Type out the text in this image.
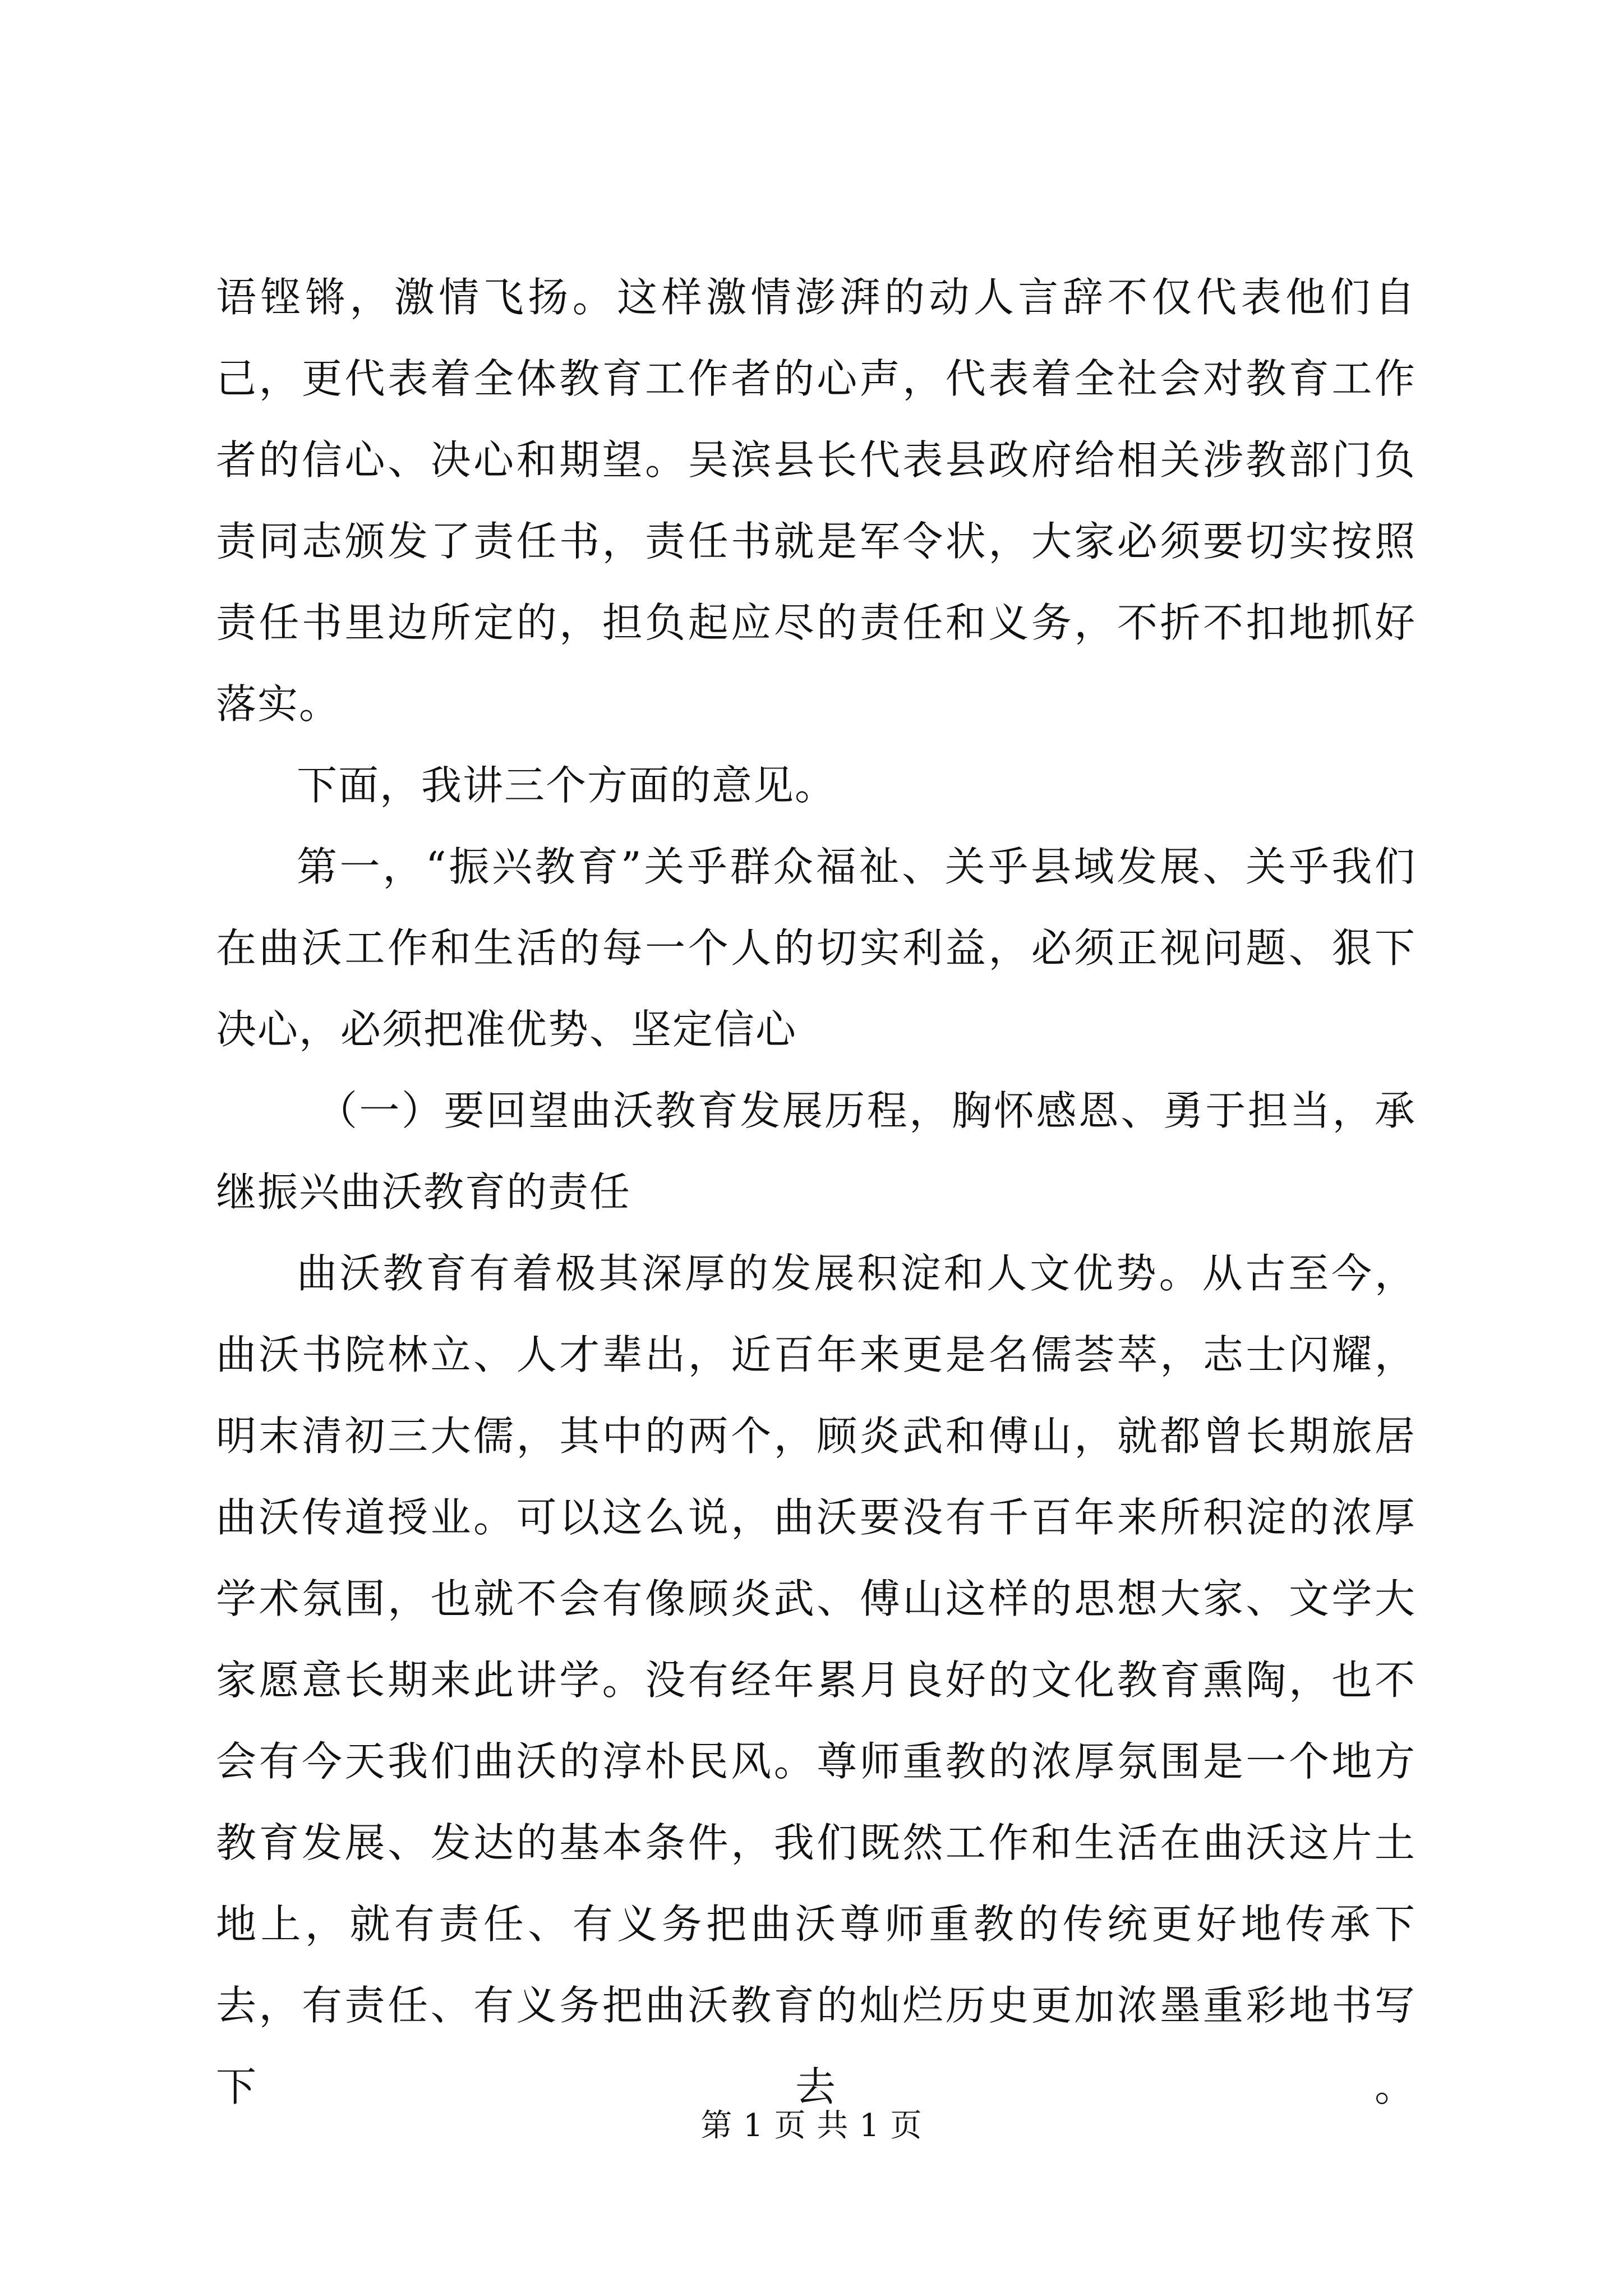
语铿锵，激情飞扬。这样激情澎湃的动人言辞不仅代表他们自己，更代表着全体教育工作者的心声，代表着全社会对教育工作者的信心、决心和期望。吴滨县长代表县政府给相关涉教部门负责同志颁发了责任书，责任书就是军令状，大家必须要切实按照责任书里边所定的，担负起应尽的责任和义务，不折不扣地抓好落实。

下面，我讲三个方面的意见。

第一，“振兴教育”关乎群众福祉、关乎县域发展、关乎我们在曲沃工作和生活的每一个人的切实利益，必须正视问题、狠下决心，必须把准优势、坚定信心

（一）要回望曲沃教育发展历程，胸怀感恩、勇于担当，承继振兴曲沃教育的责任

曲沃教育有着极其深厚的发展积淀和人文优势。从古至今，曲沃书院林立、人才辈出，近百年来更是名儒荟萃，志士闪耀，明末清初三大儒，其中的两个，顾炎武和傅山，就都曾长期旅居曲沃传道授业。可以这么说，曲沃要没有千百年来所积淀的浓厚学术氛围，也就不会有像顾炎武、傅山这样的思想大家、文学大家愿意长期来此讲学。没有经年累月良好的文化教育熏陶，也不会有今天我们曲沃的淳朴民风。尊师重教的浓厚氛围是一个地方教育发展、发达的基本条件，我们既然工作和生活在曲沃这片土地上，就有责任、有义务把曲沃尊师重教的传统更好地传承下去，有责任、有义务把曲沃教育的灿烂历史更加浓墨重彩地书写下去。

第 1 页 共 1 页
